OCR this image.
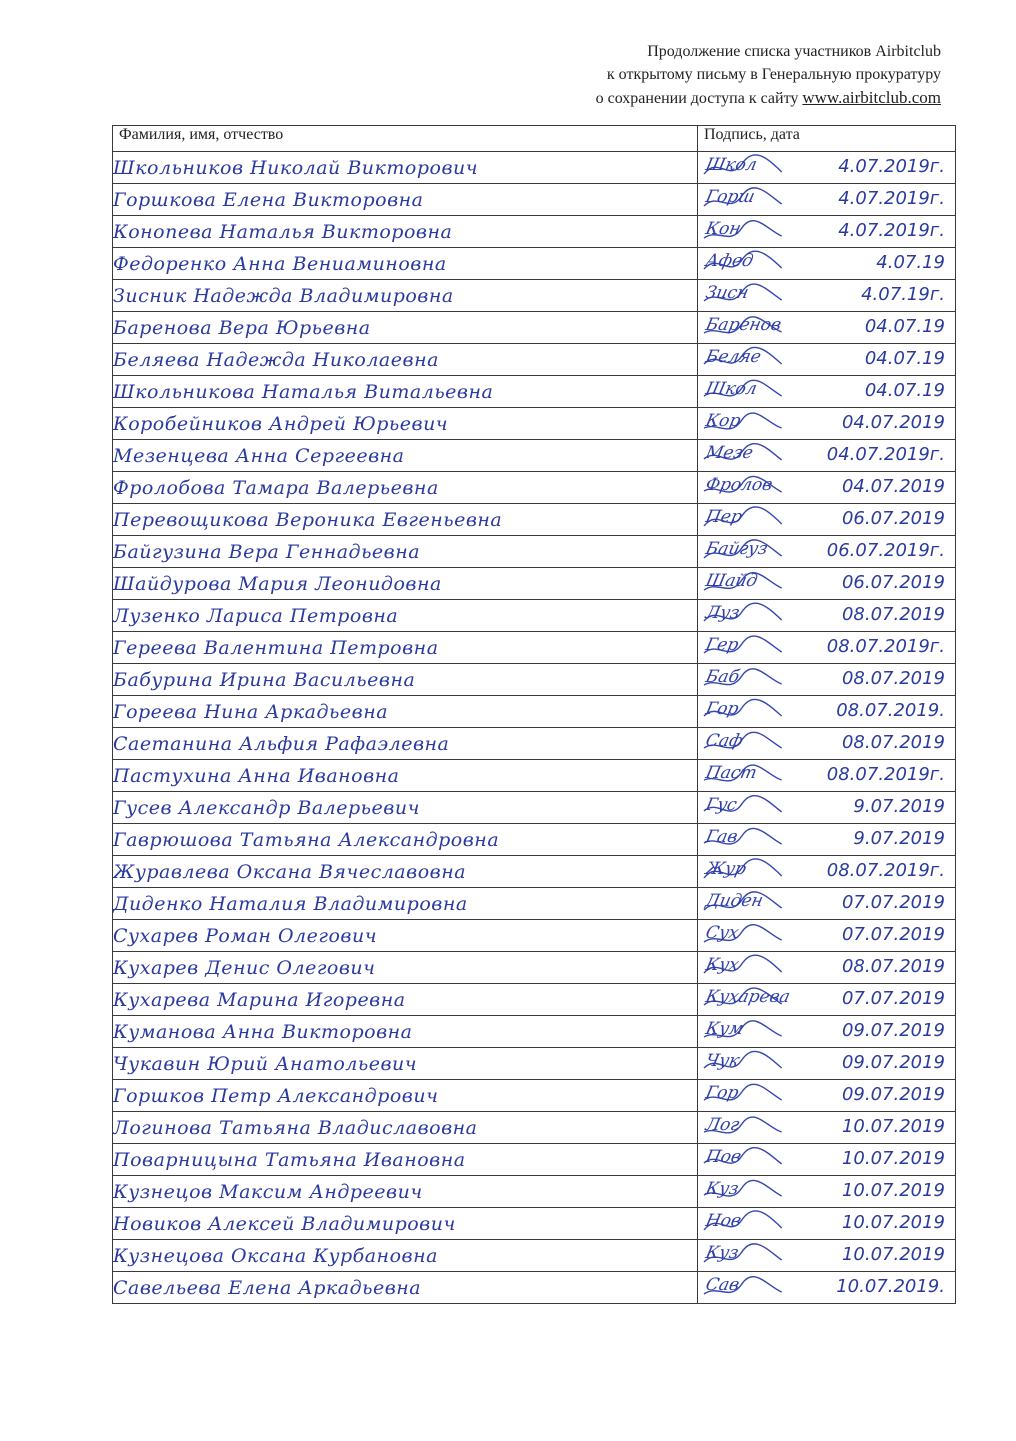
Продолжение списка участников Airbitclub
к открытому письму в Генеральную прокуратуру
о сохранении доступа к сайту www.airbitclub.com
Фамилия, имя, отчество	Подпись, дата
Школьников Николай Викторович	Школ 4.07.2019г.

Горшкова Елена Викторовна	Горш 4.07.2019г.

Конопева Наталья Викторовна	Кон 4.07.2019г.

Федоренко Анна Вениаминовна	Афед 4.07.19

Зисник Надежда Владимировна	Зисн 4.07.19г.

Баренова Вера Юрьевна	Баренов 04.07.19

Беляева Надежда Николаевна	Беляе 04.07.19

Школьникова Наталья Витальевна	Школ 04.07.19

Коробейников Андрей Юрьевич	Кор 04.07.2019

Мезенцева Анна Сергеевна	Мезе 04.07.2019г.

Фролобова Тамара Валерьевна	Фролов 04.07.2019

Перевощикова Вероника Евгеньевна	Пер 06.07.2019

Байгузина Вера Геннадьевна	Байгуз 06.07.2019г.

Шайдурова Мария Леонидовна	Шайд 06.07.2019

Лузенко Лариса Петровна	Луз 08.07.2019

Гереева Валентина Петровна	Гер 08.07.2019г.

Бабурина Ирина Васильевна	Баб 08.07.2019

Гореева Нина Аркадьевна	Гор 08.07.2019.

Саетанина Альфия Рафаэлевна	Саф 08.07.2019

Пастухина Анна Ивановна	Паст 08.07.2019г.

Гусев Александр Валерьевич	Гус 9.07.2019

Гаврюшова Татьяна Александровна	Гав 9.07.2019

Журавлева Оксана Вячеславовна	Жур 08.07.2019г.

Диденко Наталия Владимировна	Диден 07.07.2019

Сухарев Роман Олегович	Сух 07.07.2019

Кухарев Денис Олегович	Кух 08.07.2019

Кухарева Марина Игоревна	Кухарева 07.07.2019

Куманова Анна Викторовна	Кум 09.07.2019

Чукавин Юрий Анатольевич	Чук 09.07.2019

Горшков Петр Александрович	Гор 09.07.2019

Логинова Татьяна Владиславовна	Лог 10.07.2019

Поварницына Татьяна Ивановна	Пов 10.07.2019

Кузнецов Максим Андреевич	Куз 10.07.2019

Новиков Алексей Владимирович	Нов 10.07.2019

Кузнецова Оксана Курбановна	Куз 10.07.2019

Савельева Елена Аркадьевна	Сав 10.07.2019.
